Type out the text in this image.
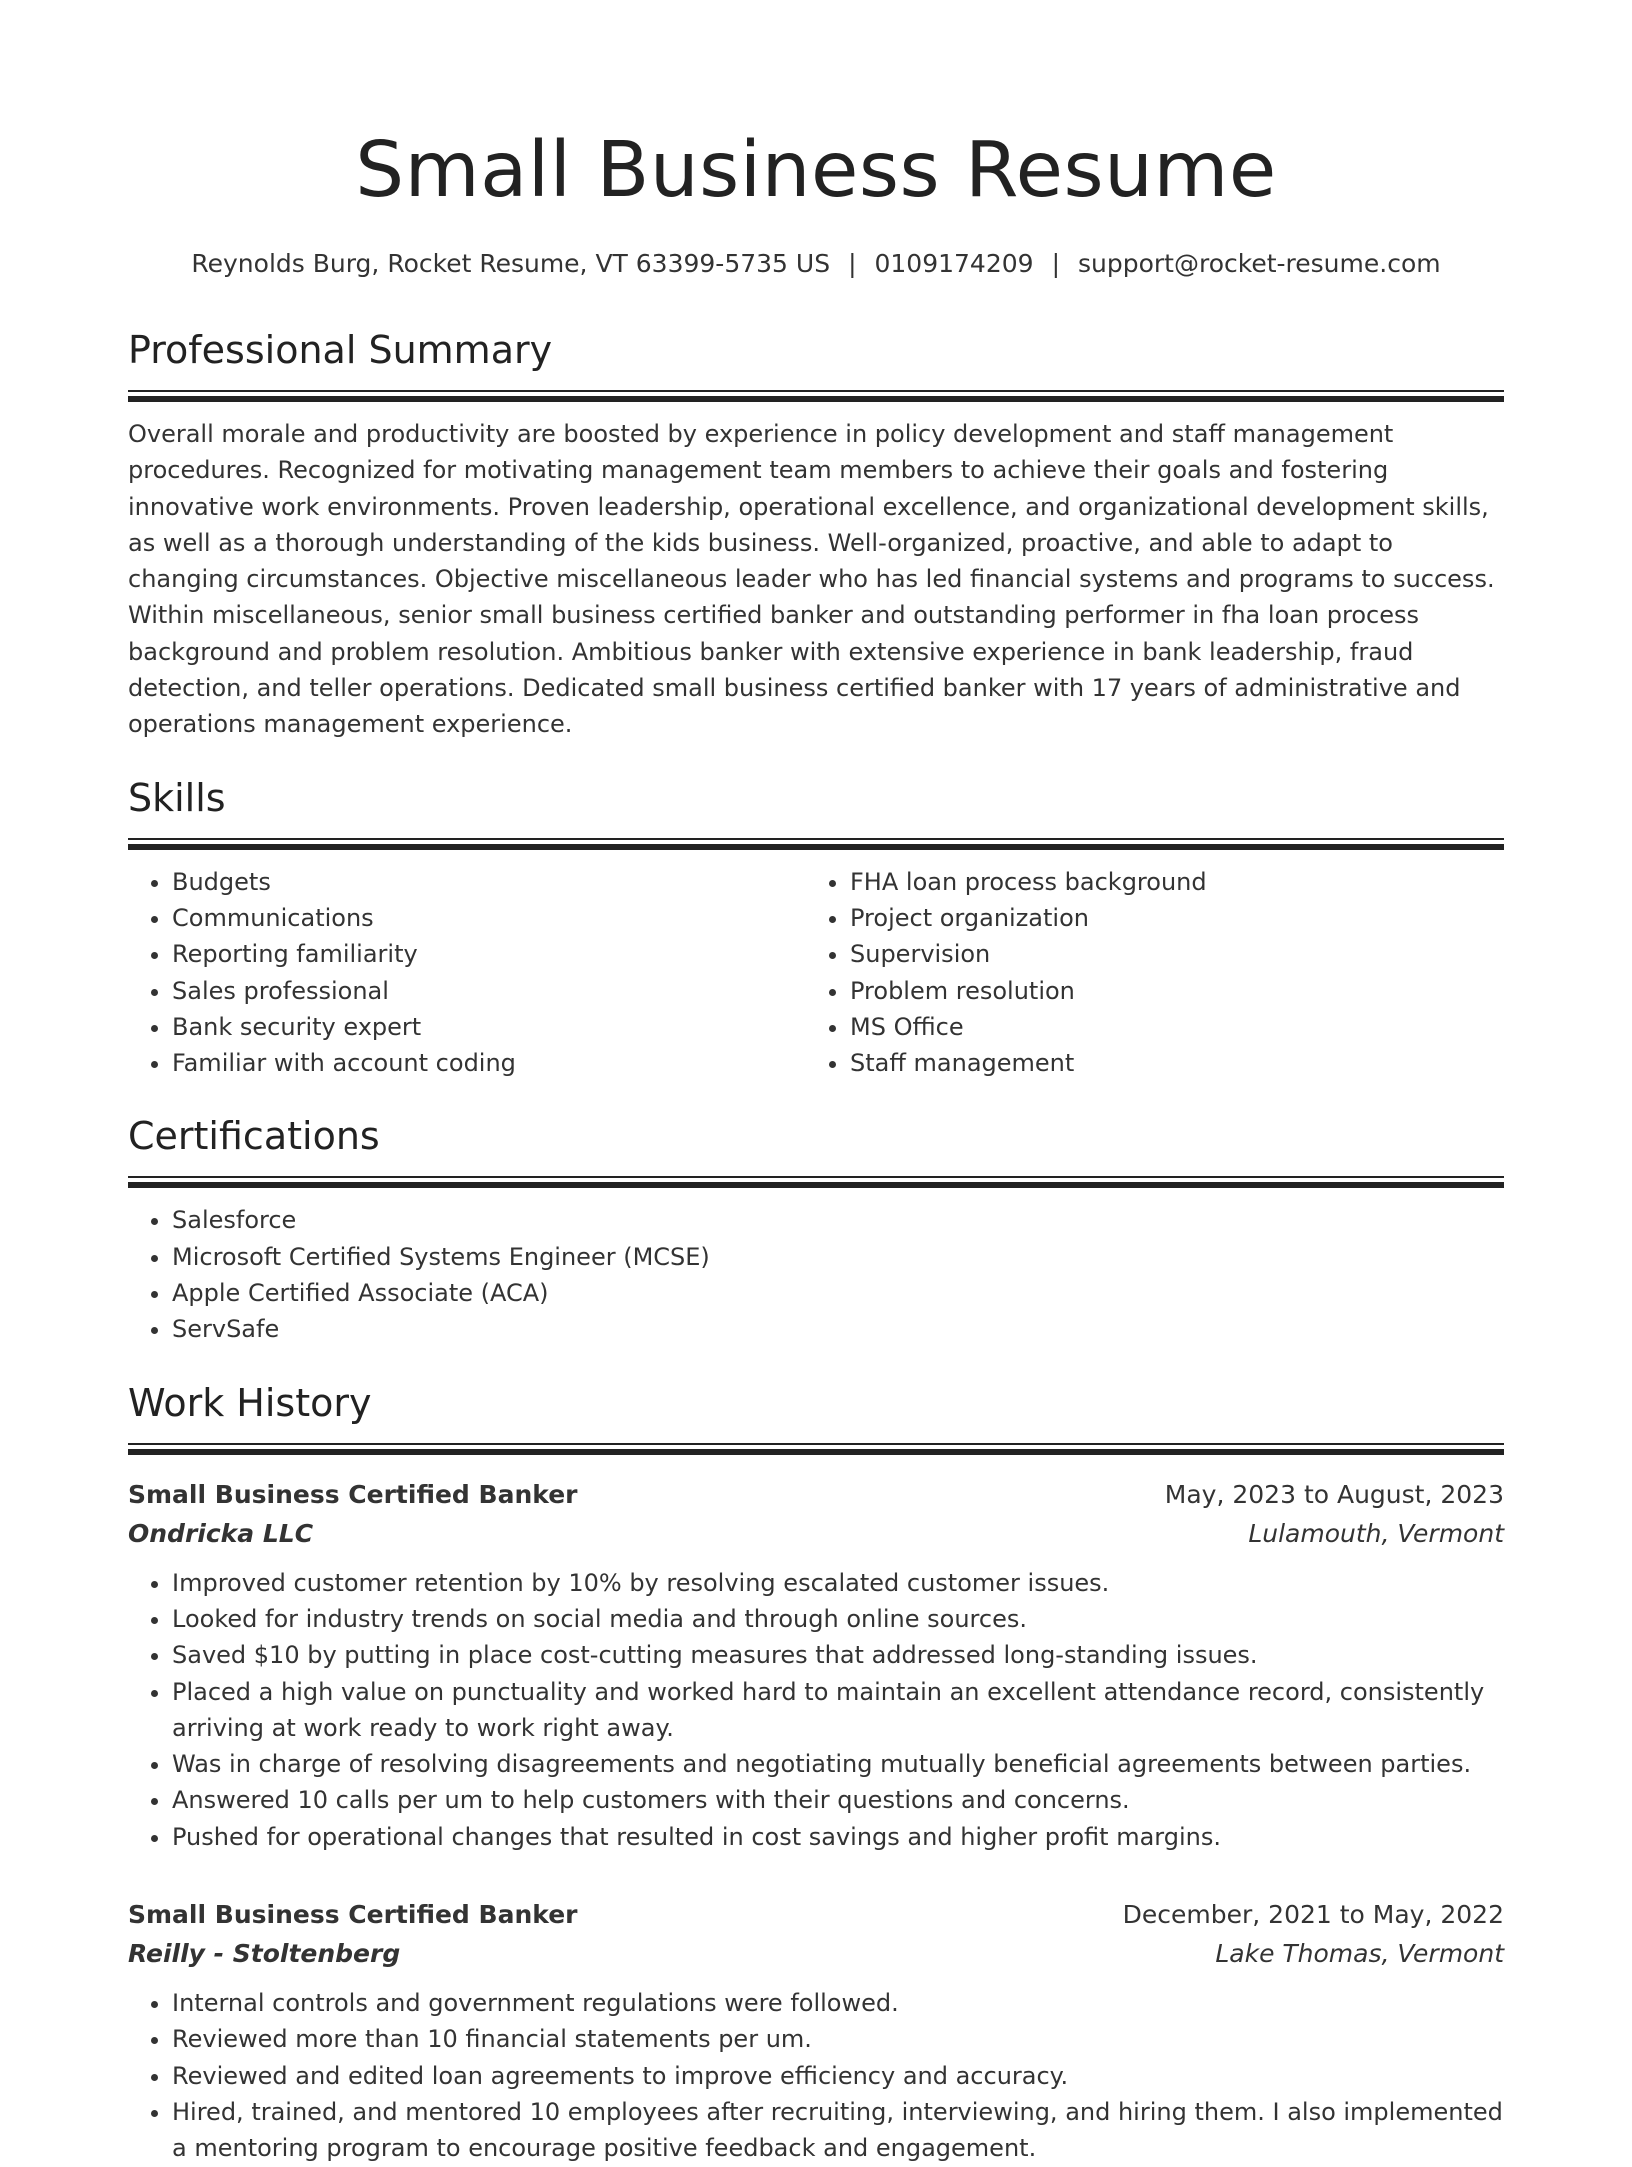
Small Business Resume
Reynolds Burg, Rocket Resume, VT 63399-5735 US | 0109174209 | support@rocket-resume.com
Professional Summary

Overall morale and productivity are boosted by experience in policy development and staff management procedures. Recognized for motivating management team members to achieve their goals and fostering innovative work environments. Proven leadership, operational excellence, and organizational development skills, as well as a thorough understanding of the kids business. Well-organized, proactive, and able to adapt to changing circumstances. Objective miscellaneous leader who has led financial systems and programs to success. Within miscellaneous, senior small business certified banker and outstanding performer in fha loan process background and problem resolution. Ambitious banker with extensive experience in bank leadership, fraud detection, and teller operations. Dedicated small business certified banker with 17 years of administrative and operations management experience.

Skills
• Budgets
• Communications
• Reporting familiarity
• Sales professional
• Bank security expert
• Familiar with account coding
• FHA loan process background
• Project organization
• Supervision
• Problem resolution
• MS Office
• Staff management
Certifications
• Salesforce
• Microsoft Certified Systems Engineer (MCSE)
• Apple Certified Associate (ACA)
• ServSafe
Work History
Small Business Certified Banker	May, 2023 to August, 2023
Ondricka LLC	Lulamouth, Vermont
• Improved customer retention by 10% by resolving escalated customer issues.
• Looked for industry trends on social media and through online sources.
• Saved $10 by putting in place cost-cutting measures that addressed long-standing issues.
• Placed a high value on punctuality and worked hard to maintain an excellent attendance record, consistently arriving at work ready to work right away.
• Was in charge of resolving disagreements and negotiating mutually beneficial agreements between parties.
• Answered 10 calls per um to help customers with their questions and concerns.
• Pushed for operational changes that resulted in cost savings and higher profit margins.
Small Business Certified Banker	December, 2021 to May, 2022
Reilly - Stoltenberg	Lake Thomas, Vermont
• Internal controls and government regulations were followed.
• Reviewed more than 10 financial statements per um.
• Reviewed and edited loan agreements to improve efficiency and accuracy.
• Hired, trained, and mentored 10 employees after recruiting, interviewing, and hiring them. I also implemented a mentoring program to encourage positive feedback and engagement.
